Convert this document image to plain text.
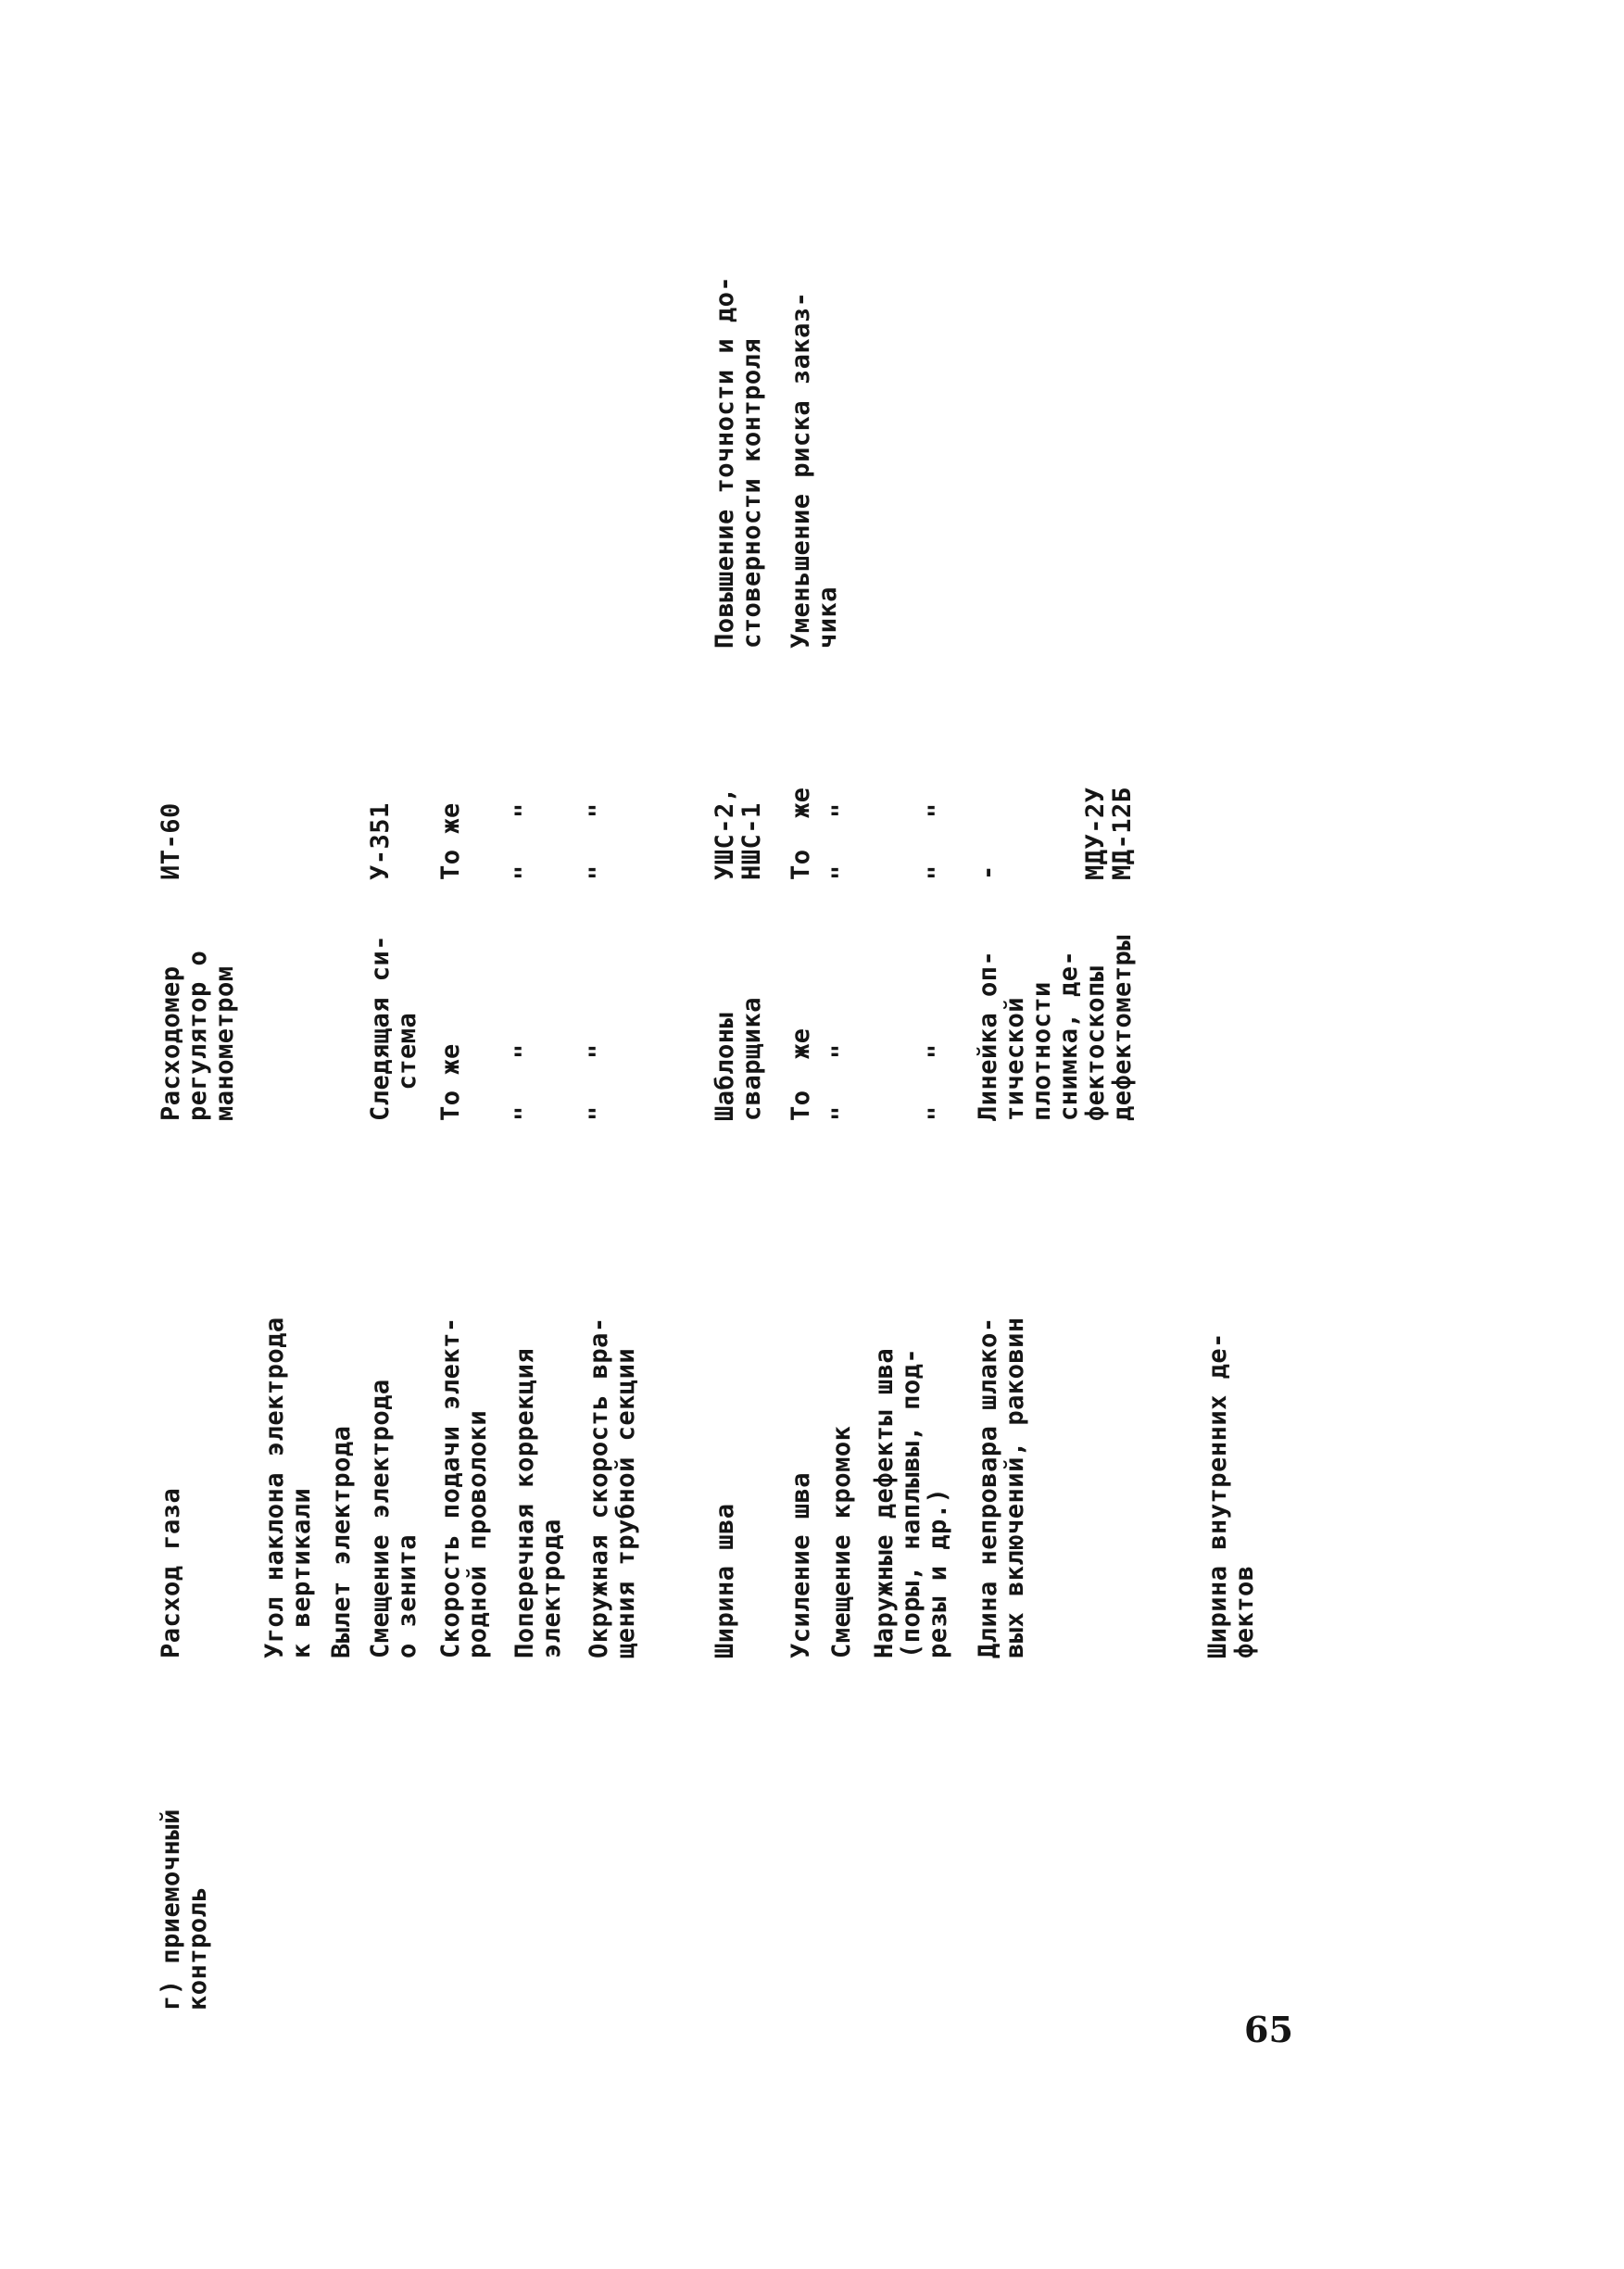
г) приемочный
контроль
Расход газа
Расходомер
регулятор о
манометром
ИТ-60
Угол наклона электрода
к вертикали Вылет электрода Смещение электрода
о зенита
Следящая си-
стема
У-351
Скорость подачи элект-
родной проволоки
То же
То же
Поперечная коррекция
электрода
"   "
"   "
Окружная скорость вра-
щения трубной секции
"   "
"   "
Ширина шва
Шаблоны
сварщика
УШС-2,
НШС-1
Повышение точности и до-
стоверности контроля
Усиление шва
То  же
То  же
Уменьшение риска заказ-
чика
Смещение кромок
"   "
"   "
Наружные дефекты шва
(поры, наплывы, под-
резы и др.)
"   "
"   "
Длина непровара шлако-
вых включений, раковин
Линейка оп-
тической
плотности
снимка, де-
фектоскопы
дефектометры
-

МДУ-2У
МД-12Б
Ширина внутренних де-
фектов
65
